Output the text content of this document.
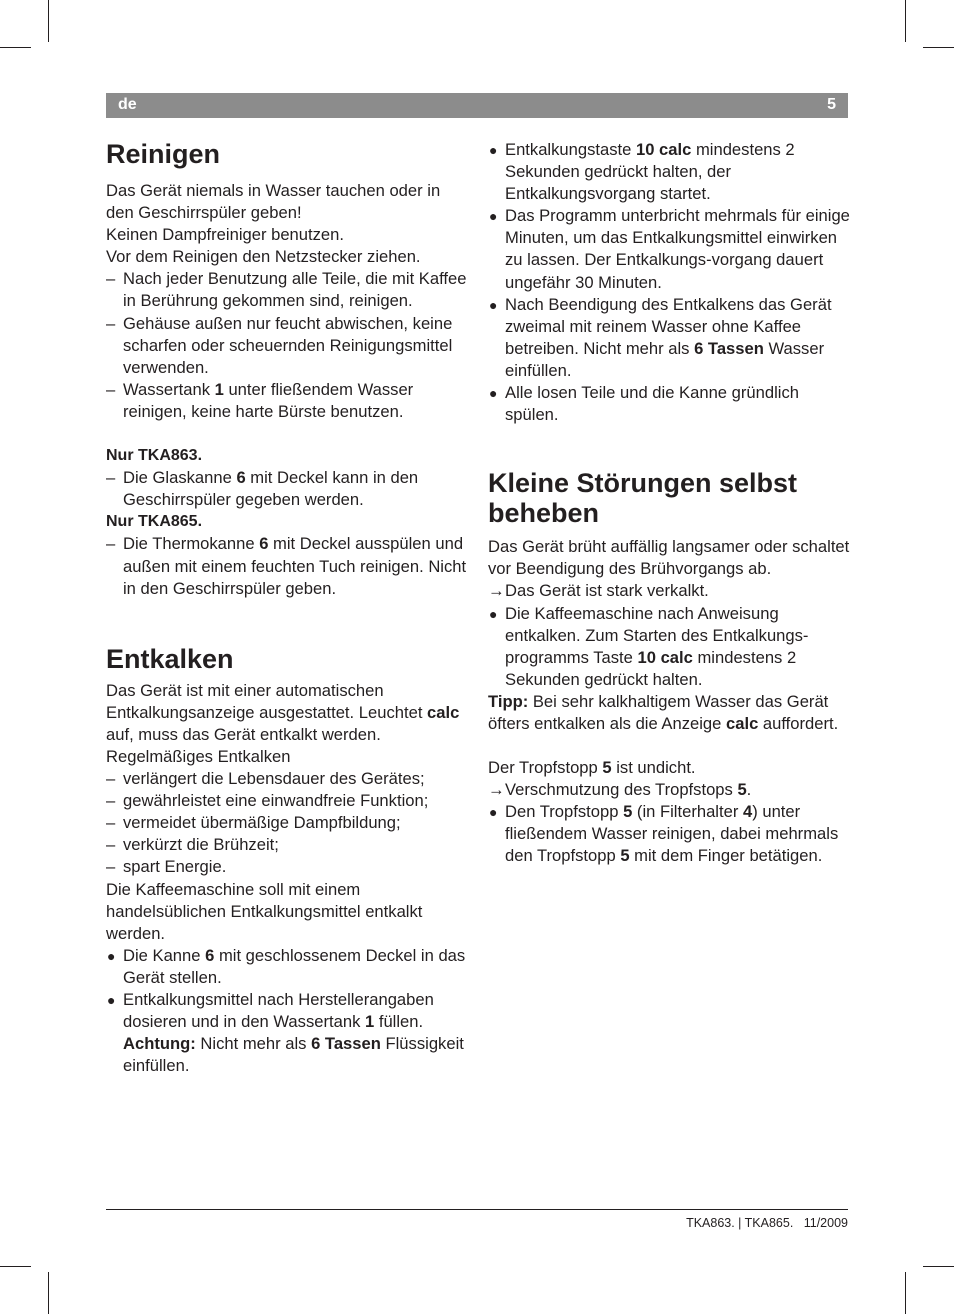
de	5
Reinigen

Das Gerät niemals in Wasser tauchen oder in den Geschirrspüler geben!

Keinen Dampfreiniger benutzen.

Vor dem Reinigen den Netzstecker ziehen.

– Nach jeder Benutzung alle Teile, die mit Kaffee in Berührung gekommen sind, reinigen.
– Gehäuse außen nur feucht abwischen, keine scharfen oder scheuernden Reinigungsmittel verwenden.
– Wassertank 1 unter fließendem Wasser reinigen, keine harte Bürste benutzen.

Nur TKA863.

– Die Glaskanne 6 mit Deckel kann in den Geschirrspüler gegeben werden.

Nur TKA865.

– Die Thermokanne 6 mit Deckel ausspülen und außen mit einem feuchten Tuch reinigen. Nicht in den Geschirrspüler geben.
Entkalken

Das Gerät ist mit einer automatischen Entkalkungsanzeige ausgestattet. Leuchtet calc auf, muss das Gerät entkalkt werden.

Regelmäßiges Entkalken

– verlängert die Lebensdauer des Gerätes;
– gewährleistet eine einwandfreie Funktion;
– vermeidet übermäßige Dampfbildung;
– verkürzt die Brühzeit;
– spart Energie.

Die Kaffeemaschine soll mit einem handelsüblichen Entkalkungsmittel entkalkt werden.

● Die Kanne 6 mit geschlossenem Deckel in das Gerät stellen.
● Entkalkungsmittel nach Herstellerangaben dosieren und in den Wassertank 1 füllen.
Achtung: Nicht mehr als 6 Tassen Flüssigkeit einfüllen.
● Entkalkungstaste 10 calc mindestens 2 Sekunden gedrückt halten, der Entkalkungsvorgang startet.
● Das Programm unterbricht mehrmals für einige Minuten, um das Entkalkungsmittel einwirken zu lassen. Der Entkalkungs-vorgang dauert ungefähr 30 Minuten.
● Nach Beendigung des Entkalkens das Gerät zweimal mit reinem Wasser ohne Kaffee betreiben. Nicht mehr als 6 Tassen Wasser einfüllen.
● Alle losen Teile und die Kanne gründlich spülen.
Kleine Störungen selbst beheben

Das Gerät brüht auffällig langsamer oder schaltet vor Beendigung des Brühvorgangs ab.

→ Das Gerät ist stark verkalkt.
● Die Kaffeemaschine nach Anweisung entkalken. Zum Starten des Entkalkungs-programms Taste 10 calc mindestens 2 Sekunden gedrückt halten.

Tipp: Bei sehr kalkhaltigem Wasser das Gerät öfters entkalken als die Anzeige calc auffordert.

Der Tropfstopp 5 ist undicht.

→ Verschmutzung des Tropfstops 5.
● Den Tropfstopp 5 (in Filterhalter 4) unter fließendem Wasser reinigen, dabei mehrmals den Tropfstopp 5 mit dem Finger betätigen.
TKA863. | TKA865. 11/2009
